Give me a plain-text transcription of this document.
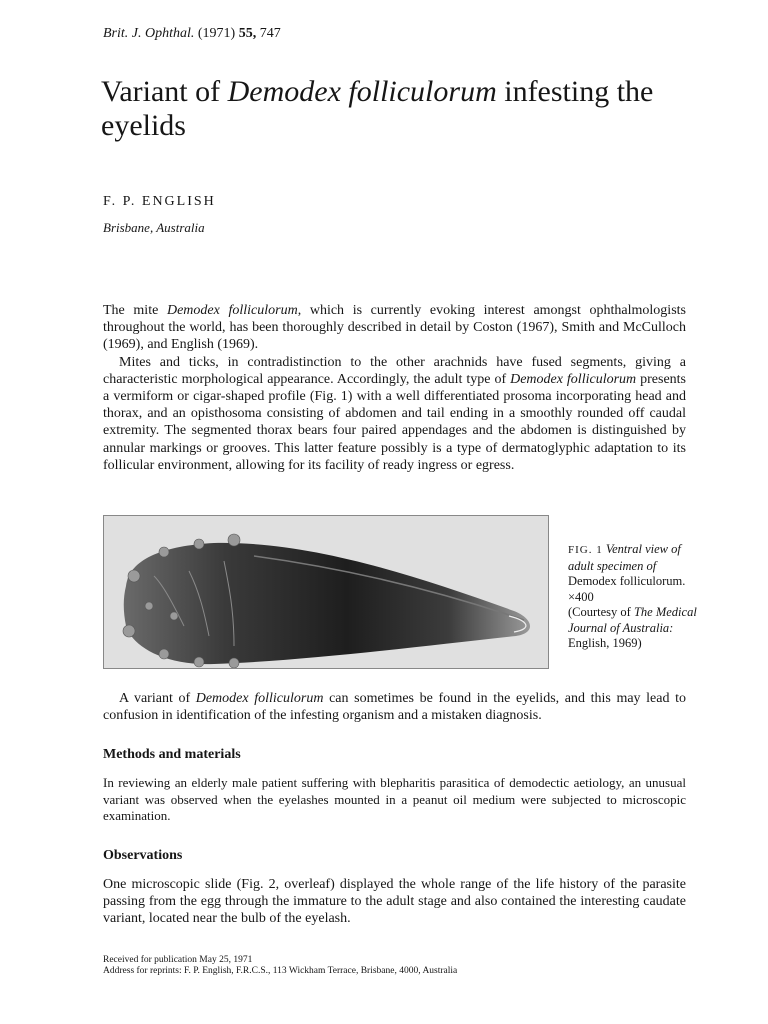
Brit. J. Ophthal. (1971) 55, 747
Variant of Demodex folliculorum infesting the eyelids
F. P. ENGLISH
Brisbane, Australia

The mite Demodex folliculorum, which is currently evoking interest amongst ophthalmologists throughout the world, has been thoroughly described in detail by Coston (1967), Smith and McCulloch (1969), and English (1969).

Mites and ticks, in contradistinction to the other arachnids have fused segments, giving a characteristic morphological appearance. Accordingly, the adult type of Demodex folliculorum presents a vermiform or cigar-shaped profile (Fig. 1) with a well differentiated prosoma incorporating head and thorax, and an opisthosoma consisting of abdomen and tail ending in a smoothly rounded off caudal extremity. The segmented thorax bears four paired appendages and the abdomen is distinguished by annular markings or grooves. This latter feature possibly is a type of dermatoglyphic adaptation to its follicular environment, allowing for its facility of ready ingress or egress.

FIG. 1 Ventral view of adult specimen of Demodex folliculorum. ×400
(Courtesy of The Medical Journal of Australia: English, 1969)

A variant of Demodex folliculorum can sometimes be found in the eyelids, and this may lead to confusion in identification of the infesting organism and a mistaken diagnosis.

Methods and materials
In reviewing an elderly male patient suffering with blepharitis parasitica of demodectic aetiology, an unusual variant was observed when the eyelashes mounted in a peanut oil medium were subjected to microscopic examination.
Observations
One microscopic slide (Fig. 2, overleaf) displayed the whole range of the life history of the parasite passing from the egg through the immature to the adult stage and also contained the interesting caudate variant, located near the bulb of the eyelash.
Received for publication May 25, 1971
Address for reprints: F. P. English, F.R.C.S., 113 Wickham Terrace, Brisbane, 4000, Australia
